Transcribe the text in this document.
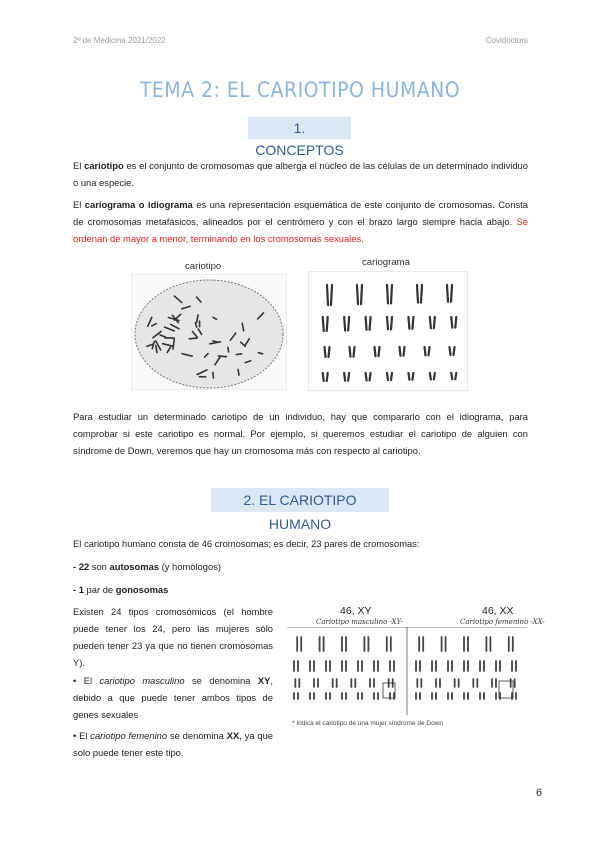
2º de Medicina 2021/2022	Covidoctors
TEMA 2: EL CARIOTIPO HUMANO
1. CONCEPTOS

El cariotipo es el conjunto de cromosomas que alberga el núcleo de las células de un determinado individuo o una especie.

El cariograma o idiograma es una representación esquemática de este conjunto de cromosomas. Consta de cromosomas metafásicos, alineados por el centrómero y con el brazo largo siempre hacia abajo. Se ordenan de mayor a menor, terminando en los cromosomas sexuales.

cariotipo	cariograma

Para estudiar un determinado cariotipo de un individuo, hay que compararlo con el idiograma, para comprobar si este cariotipo es normal. Por ejemplo, si queremos estudiar el cariotipo de alguien con síndrome de Down, veremos que hay un cromosoma más con respecto al cariotipo.

2. EL CARIOTIPO HUMANO

El cariotipo humano consta de 46 cromosomas; es decir, 23 pares de cromosomas:

- 22 son autosomas (y homólogos)

- 1 par de gonosomas

Existen 24 tipos cromosómicos (el hombre puede tener los 24, pero las mujeres sólo pueden tener 23 ya que no tienen cromosomas Y).

• El cariotipo masculino se denomina XY, debido a que puede tener ambos tipos de genes sexuales

• El cariotipo femenino se denomina XX, ya que solo puede tener este tipo.

46, XY
Cariotipo masculino -XY-
46, XX
Cariotipo femenino -XX-
* Indica el cariotipo de una mujer síndrome de Down
6
